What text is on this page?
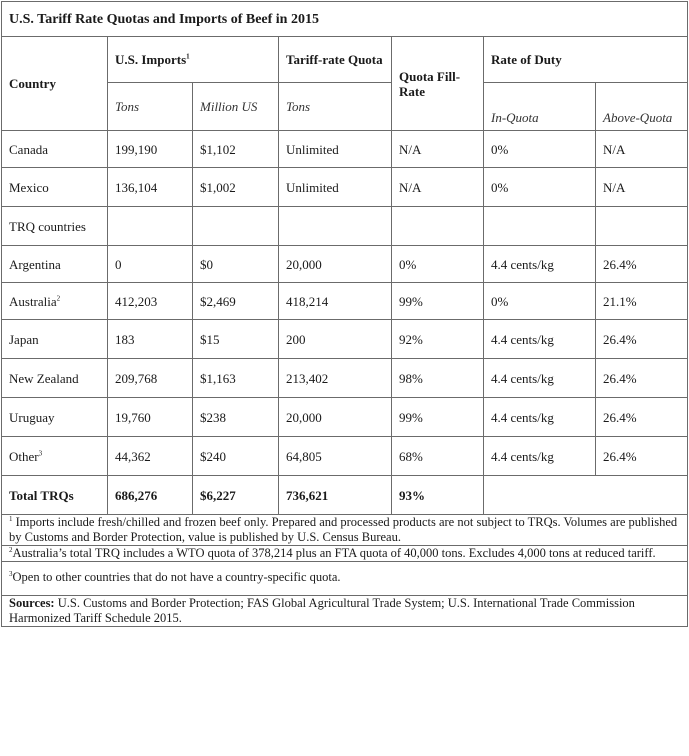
U.S. Tariff Rate Quotas and Imports of Beef in 2015						
Country	U.S. Imports$^1$		Tariff-rate Quota	Quota Fill-Rate	Rate of Duty	
	Tons	Million US	Tons		In-Quota	Above-Quota
Canada	199,190	$1,102	Unlimited	N/A	0%	N/A
Mexico	136,104	$1,002	Unlimited	N/A	0%	N/A
TRQ countries						
Argentina	0	$0	20,000	0%	4.4 cents/kg	26.4%
Australia$^2$	412,203	$2,469	418,214	99%	0%	21.1%
Japan	183	$15	200	92%	4.4 cents/kg	26.4%
New Zealand	209,768	$1,163	213,402	98%	4.4 cents/kg	26.4%
Uruguay	19,760	$238	20,000	99%	4.4 cents/kg	26.4%
Other$^3$	44,362	$240	64,805	68%	4.4 cents/kg	26.4%
Total TRQs	686,276	$6,227	736,621	93%		
$^1$ Imports include fresh/chilled and frozen beef only. Prepared and processed products are not subject to TRQs. Volumes are published by Customs and Border Protection, value is published by U.S. Census Bureau.						
$^2$Australia’s total TRQ includes a WTO quota of 378,214 plus an FTA quota of 40,000 tons. Excludes 4,000 tons at reduced tariff.						
$^3$Open to other countries that do not have a country-specific quota.						
Sources: U.S. Customs and Border Protection; FAS Global Agricultural Trade System; U.S. International Trade Commission Harmonized Tariff Schedule 2015.						
